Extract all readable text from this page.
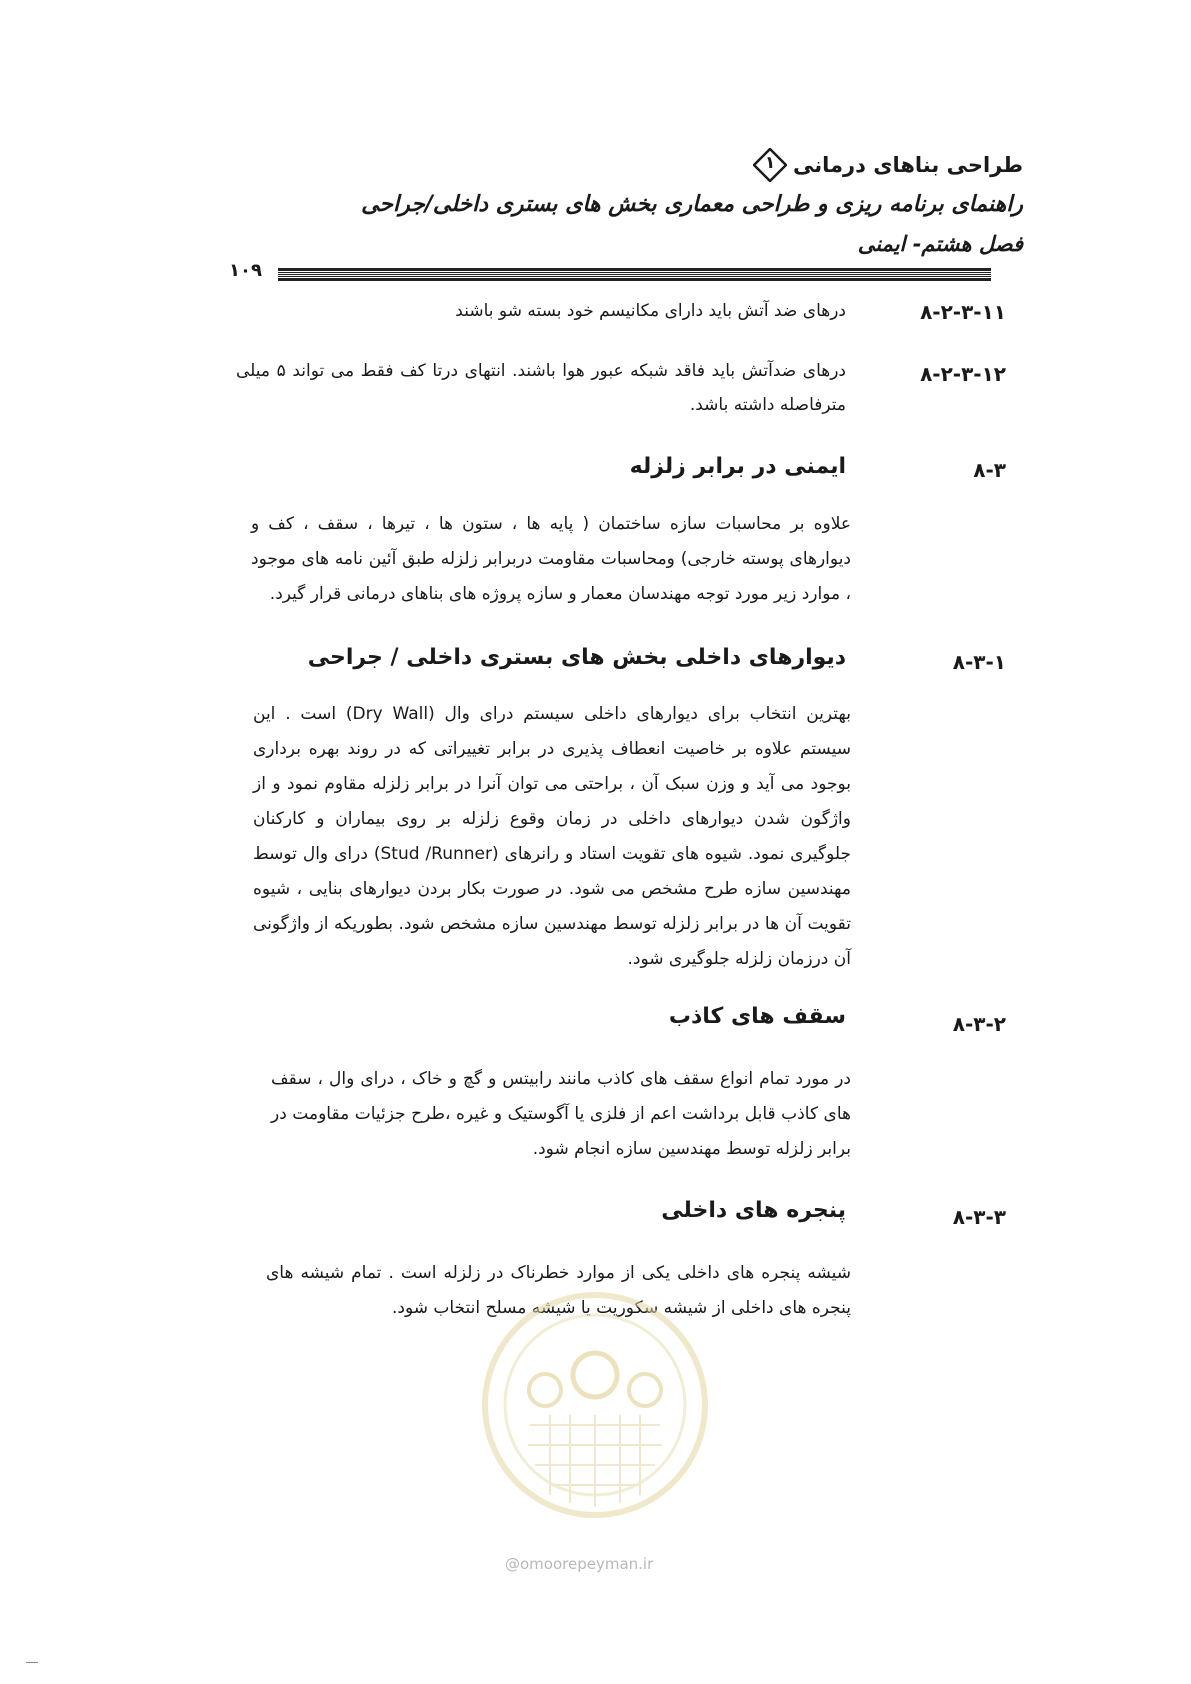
طراحی بناهای درمانی
۱
راهنمای برنامه ریزی و طراحی معماری بخش های بستری داخلی/جراحی
فصل هشتم- ایمنی
۱۰۹
۸-۲-۳-۱۱
درهای ضد آتش باید دارای مکانیسم خود بسته شو باشند
۸-۲-۳-۱۲
درهای ضدآتش باید فاقد شبکه عبور هوا باشند. انتهای درتا کف فقط می تواند ۵ میلی مترفاصله داشته باشد.
۸-۳
ایمنی در برابر زلزله
علاوه بر محاسبات سازه ساختمان ( پایه ها ، ستون ها ، تیرها ، سقف ، کف و دیوارهای پوسته خارجی) ومحاسبات مقاومت دربرابر زلزله طبق آئین نامه های موجود ، موارد زیر مورد توجه مهندسان معمار و سازه پروژه های بناهای درمانی قرار گیرد.
۸-۳-۱
دیوارهای داخلی بخش های بستری داخلی / جراحی
بهترین انتخاب برای دیوارهای داخلی سیستم درای وال (Dry Wall) است . این سیستم علاوه بر خاصیت انعطاف پذیری در برابر تغییراتی که در روند بهره برداری بوجود می آید و وزن سبک آن ، براحتی می توان آنرا در برابر زلزله مقاوم نمود و از واژگون شدن دیوارهای داخلی در زمان وقوع زلزله بر روی بیماران و کارکنان جلوگیری نمود. شیوه های تقویت استاد و رانرهای (Stud /Runner) درای وال توسط مهندسین سازه طرح مشخص می شود. در صورت بکار بردن دیوارهای بنایی ، شیوه تقویت آن ها در برابر زلزله توسط مهندسین سازه مشخص شود. بطوریکه از واژگونی آن درزمان زلزله جلوگیری شود.
۸-۳-۲
سقف های کاذب
در مورد تمام انواع سقف های کاذب مانند رابیتس و گچ و خاک ، درای وال ، سقف های کاذب قابل برداشت اعم از فلزی یا آگوستیک و غیره ،طرح جزئیات مقاومت در برابر زلزله توسط مهندسین سازه انجام شود.
۸-۳-۳
پنجره های داخلی
شیشه پنجره های داخلی یکی از موارد خطرناک در زلزله است . تمام شیشه های پنجره های داخلی از شیشه سکوریت یا شیشه مسلح انتخاب شود.
@omoorepeyman.ir
